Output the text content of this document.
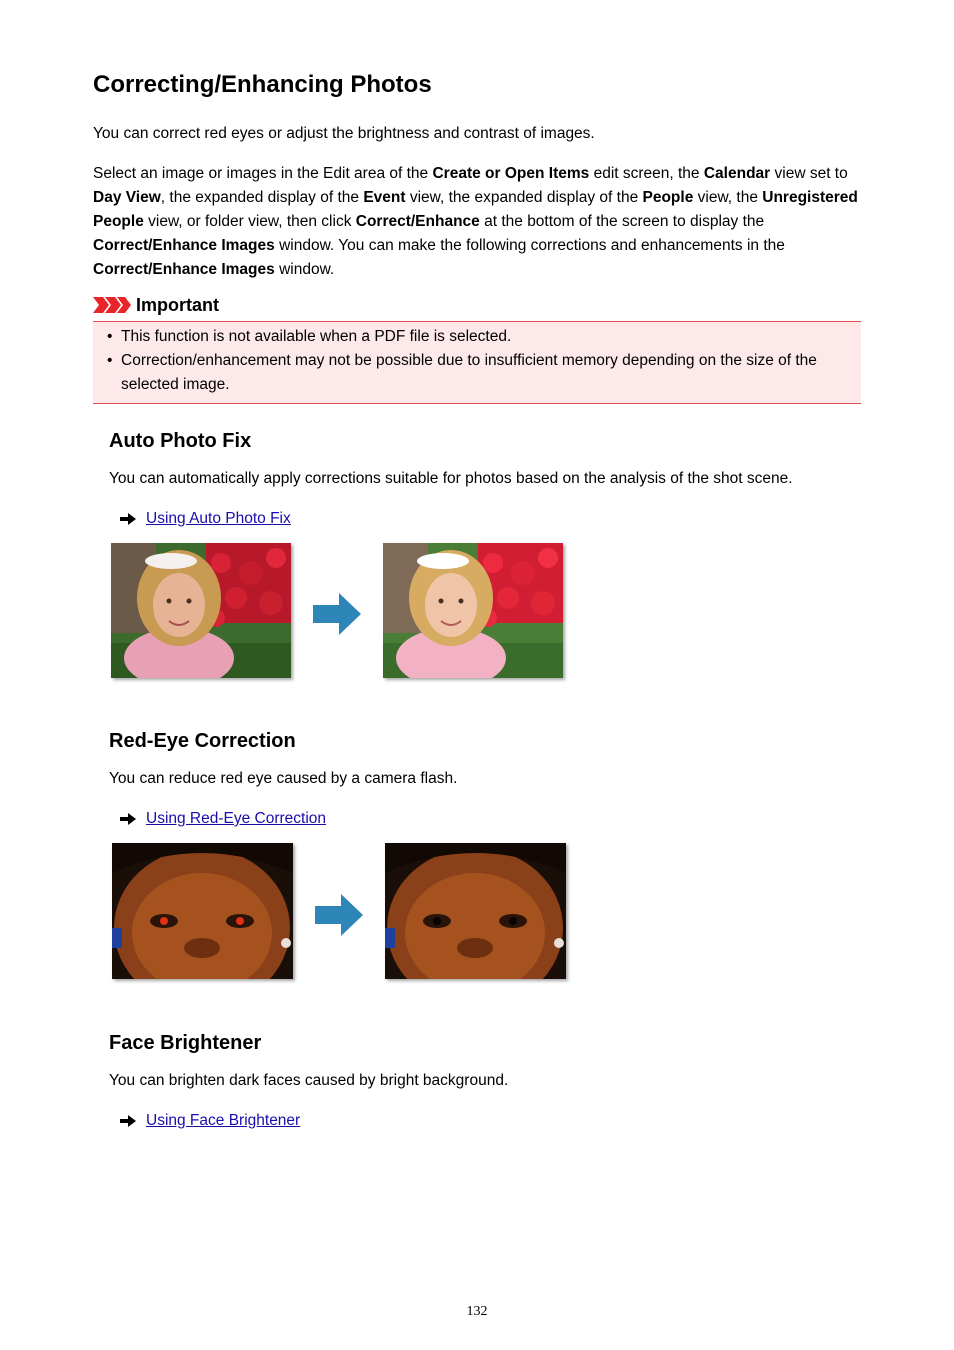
Correcting/Enhancing Photos

You can correct red eyes or adjust the brightness and contrast of images.

Select an image or images in the Edit area of the Create or Open Items edit screen, the Calendar view set to Day View, the expanded display of the Event view, the expanded display of the People view, the Unregistered People view, or folder view, then click Correct/Enhance at the bottom of the screen to display the Correct/Enhance Images window. You can make the following corrections and enhancements in the Correct/Enhance Images window.

Important
• This function is not available when a PDF file is selected.
• Correction/enhancement may not be possible due to insufficient memory depending on the size of the selected image.
Auto Photo Fix

You can automatically apply corrections suitable for photos based on the analysis of the shot scene.

Using Auto Photo Fix
Red-Eye Correction

You can reduce red eye caused by a camera flash.

Using Red-Eye Correction
Face Brightener

You can brighten dark faces caused by bright background.

Using Face Brightener
132
